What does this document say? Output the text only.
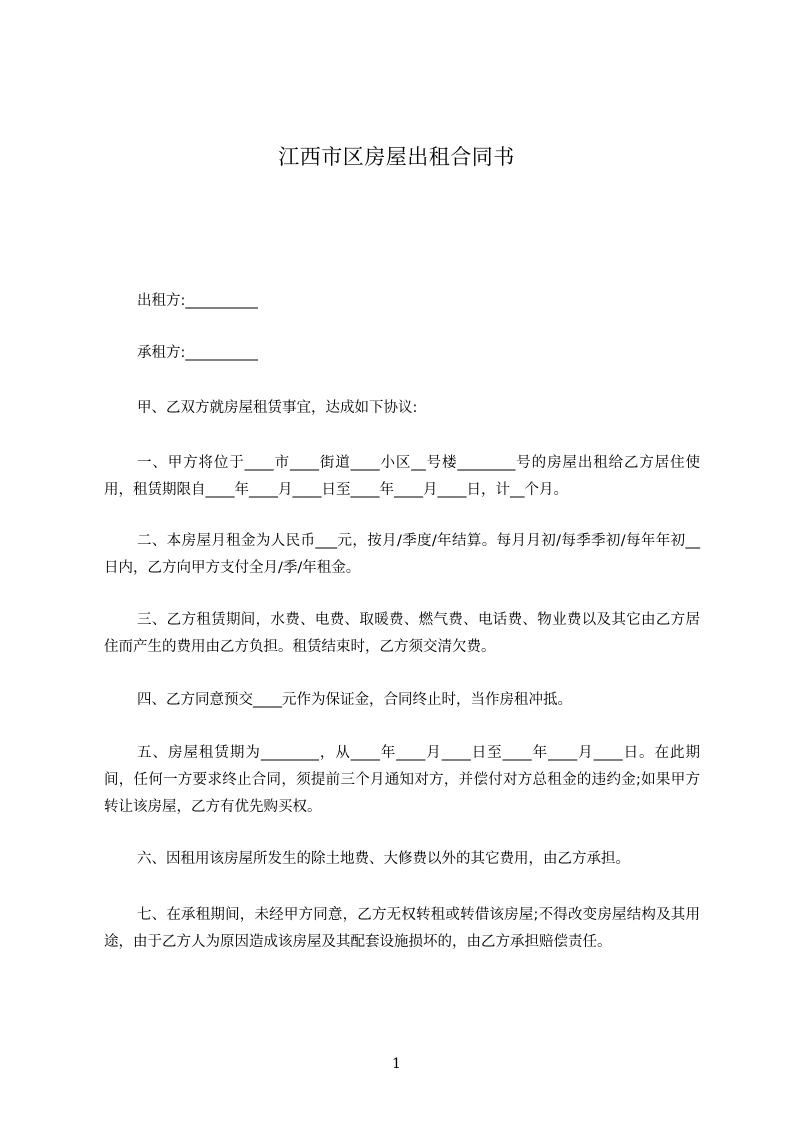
江西市区房屋出租合同书
出租方:__________
承租方:__________
甲、乙双方就房屋租赁事宜，达成如下协议:
一、甲方将位于____市____街道____小区__号楼________号的房屋出租给乙方居住使用，租赁期限自____年____月____日至____年____月____日，计__个月。
二、本房屋月租金为人民币___元，按月/季度/年结算。每月月初/每季季初/每年年初__日内，乙方向甲方支付全月/季/年租金。
三、乙方租赁期间，水费、电费、取暖费、燃气费、电话费、物业费以及其它由乙方居住而产生的费用由乙方负担。租赁结束时，乙方须交清欠费。
四、乙方同意预交____元作为保证金，合同终止时，当作房租冲抵。
五、房屋租赁期为________，从____年____月____日至____年____月____日。在此期间，任何一方要求终止合同，须提前三个月通知对方，并偿付对方总租金的违约金;如果甲方转让该房屋，乙方有优先购买权。
六、因租用该房屋所发生的除土地费、大修费以外的其它费用，由乙方承担。
七、在承租期间，未经甲方同意，乙方无权转租或转借该房屋;不得改变房屋结构及其用途，由于乙方人为原因造成该房屋及其配套设施损坏的，由乙方承担赔偿责任。
1
